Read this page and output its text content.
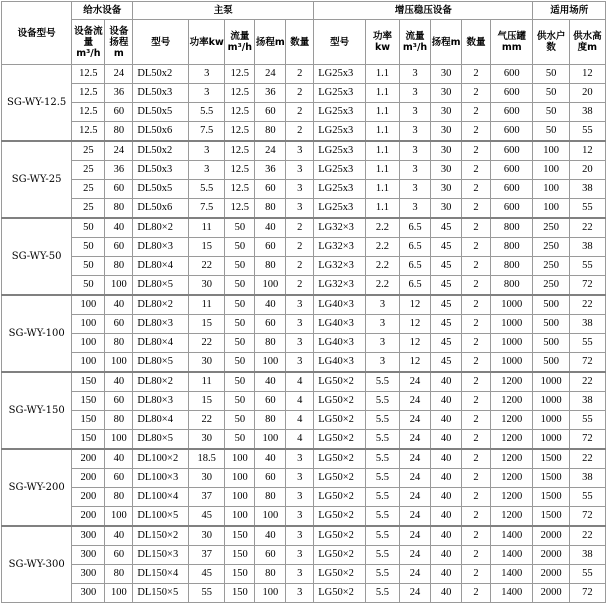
设备型号	给水设备		主泵					增压稳压设备						适用场所	
	设备流量m³/h	设备扬程m	型号	功率kw	流量m³/h	扬程m	数量	型号	功率kw	流量m³/h	扬程m	数量	气压罐mm	供水户数	供水高度m
SG-WY-12.5	12.5	24	DL50x2	3	12.5	24	2	LG25x3	1.1	3	30	2	600	50	12
	12.5	36	DL50x3	3	12.5	36	2	LG25x3	1.1	3	30	2	600	50	20
	12.5	60	DL50x5	5.5	12.5	60	2	LG25x3	1.1	3	30	2	600	50	38
	12.5	80	DL50x6	7.5	12.5	80	2	LG25x3	1.1	3	30	2	600	50	55
SG-WY-25	25	24	DL50x2	3	12.5	24	3	LG25x3	1.1	3	30	2	600	100	12
	25	36	DL50x3	3	12.5	36	3	LG25x3	1.1	3	30	2	600	100	20
	25	60	DL50x5	5.5	12.5	60	3	LG25x3	1.1	3	30	2	600	100	38
	25	80	DL50x6	7.5	12.5	80	3	LG25x3	1.1	3	30	2	600	100	55
SG-WY-50	50	40	DL80×2	11	50	40	2	LG32×3	2.2	6.5	45	2	800	250	22
	50	60	DL80×3	15	50	60	2	LG32×3	2.2	6.5	45	2	800	250	38
	50	80	DL80×4	22	50	80	2	LG32×3	2.2	6.5	45	2	800	250	55
	50	100	DL80×5	30	50	100	2	LG32×3	2.2	6.5	45	2	800	250	72
SG-WY-100	100	40	DL80×2	11	50	40	3	LG40×3	3	12	45	2	1000	500	22
	100	60	DL80×3	15	50	60	3	LG40×3	3	12	45	2	1000	500	38
	100	80	DL80×4	22	50	80	3	LG40×3	3	12	45	2	1000	500	55
	100	100	DL80×5	30	50	100	3	LG40×3	3	12	45	2	1000	500	72
SG-WY-150	150	40	DL80×2	11	50	40	4	LG50×2	5.5	24	40	2	1200	1000	22
	150	60	DL80×3	15	50	60	4	LG50×2	5.5	24	40	2	1200	1000	38
	150	80	DL80×4	22	50	80	4	LG50×2	5.5	24	40	2	1200	1000	55
	150	100	DL80×5	30	50	100	4	LG50×2	5.5	24	40	2	1200	1000	72
SG-WY-200	200	40	DL100×2	18.5	100	40	3	LG50×2	5.5	24	40	2	1200	1500	22
	200	60	DL100×3	30	100	60	3	LG50×2	5.5	24	40	2	1200	1500	38
	200	80	DL100×4	37	100	80	3	LG50×2	5.5	24	40	2	1200	1500	55
	200	100	DL100×5	45	100	100	3	LG50×2	5.5	24	40	2	1200	1500	72
SG-WY-300	300	40	DL150×2	30	150	40	3	LG50×2	5.5	24	40	2	1400	2000	22
	300	60	DL150×3	37	150	60	3	LG50×2	5.5	24	40	2	1400	2000	38
	300	80	DL150×4	45	150	80	3	LG50×2	5.5	24	40	2	1400	2000	55
	300	100	DL150×5	55	150	100	3	LG50×2	5.5	24	40	2	1400	2000	72
